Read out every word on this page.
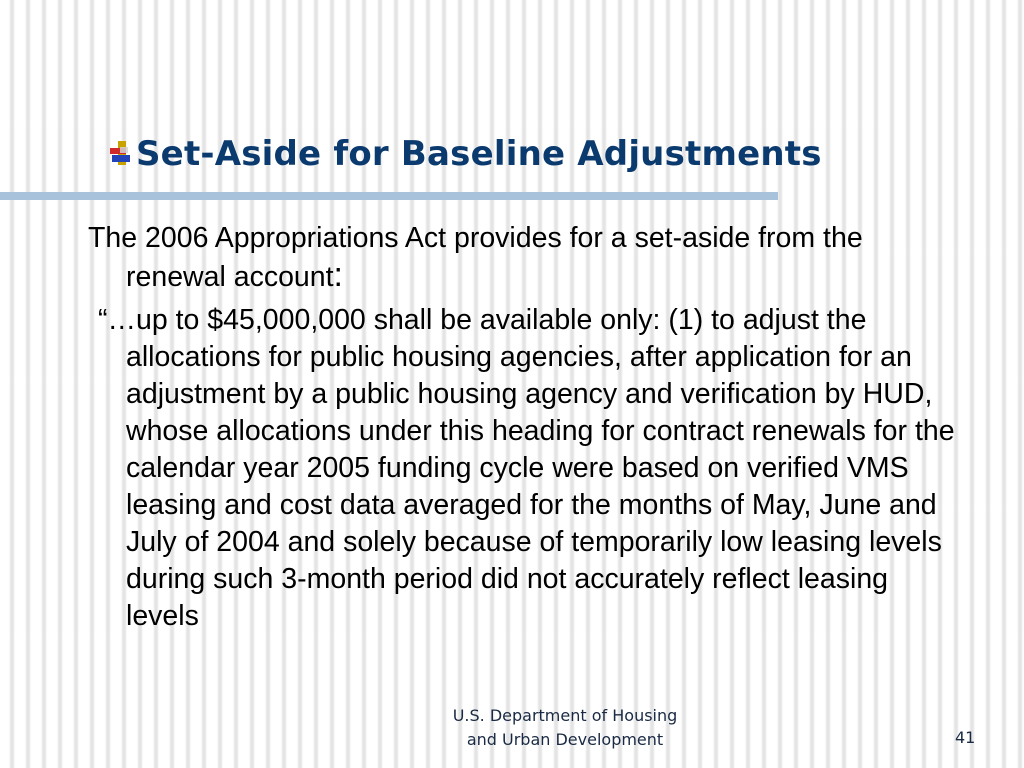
Set-Aside for Baseline Adjustments

The 2006 Appropriations Act provides for a set-aside from the renewal account:

“…up to $45,000,000 shall be available only: (1) to adjust the allocations for public housing agencies, after application for an adjustment by a public housing agency and verification by HUD, whose allocations under this heading for contract renewals for the calendar year 2005 funding cycle were based on verified VMS leasing and cost data averaged for the months of May, June and July of 2004 and solely because of temporarily low leasing levels during such 3-month period did not accurately reflect leasing levels

U.S. Department of Housing
and Urban Development	41
